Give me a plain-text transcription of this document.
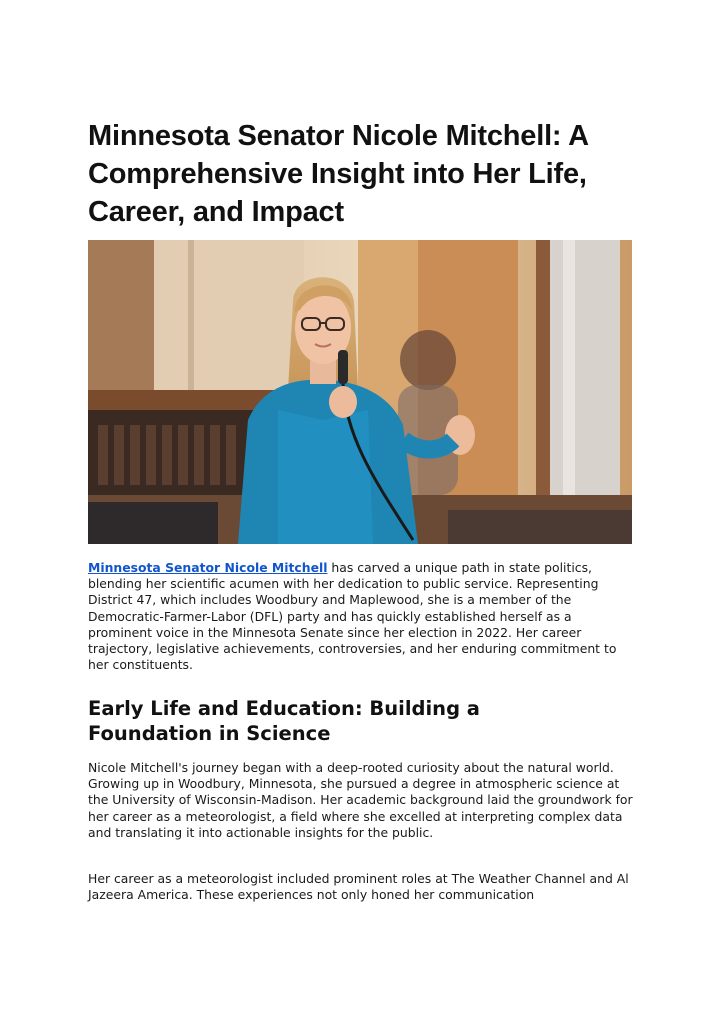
Minnesota Senator Nicole Mitchell: A Comprehensive Insight into Her Life, Career, and Impact

Minnesota Senator Nicole Mitchell has carved a unique path in state politics, blending her scientific acumen with her dedication to public service. Representing District 47, which includes Woodbury and Maplewood, she is a member of the Democratic-Farmer-Labor (DFL) party and has quickly established herself as a prominent voice in the Minnesota Senate since her election in 2022. Her career trajectory, legislative achievements, controversies, and her enduring commitment to her constituents.

Early Life and Education: Building a Foundation in Science

Nicole Mitchell's journey began with a deep-rooted curiosity about the natural world. Growing up in Woodbury, Minnesota, she pursued a degree in atmospheric science at the University of Wisconsin-Madison. Her academic background laid the groundwork for her career as a meteorologist, a field where she excelled at interpreting complex data and translating it into actionable insights for the public.

Her career as a meteorologist included prominent roles at The Weather Channel and Al Jazeera America. These experiences not only honed her communication
